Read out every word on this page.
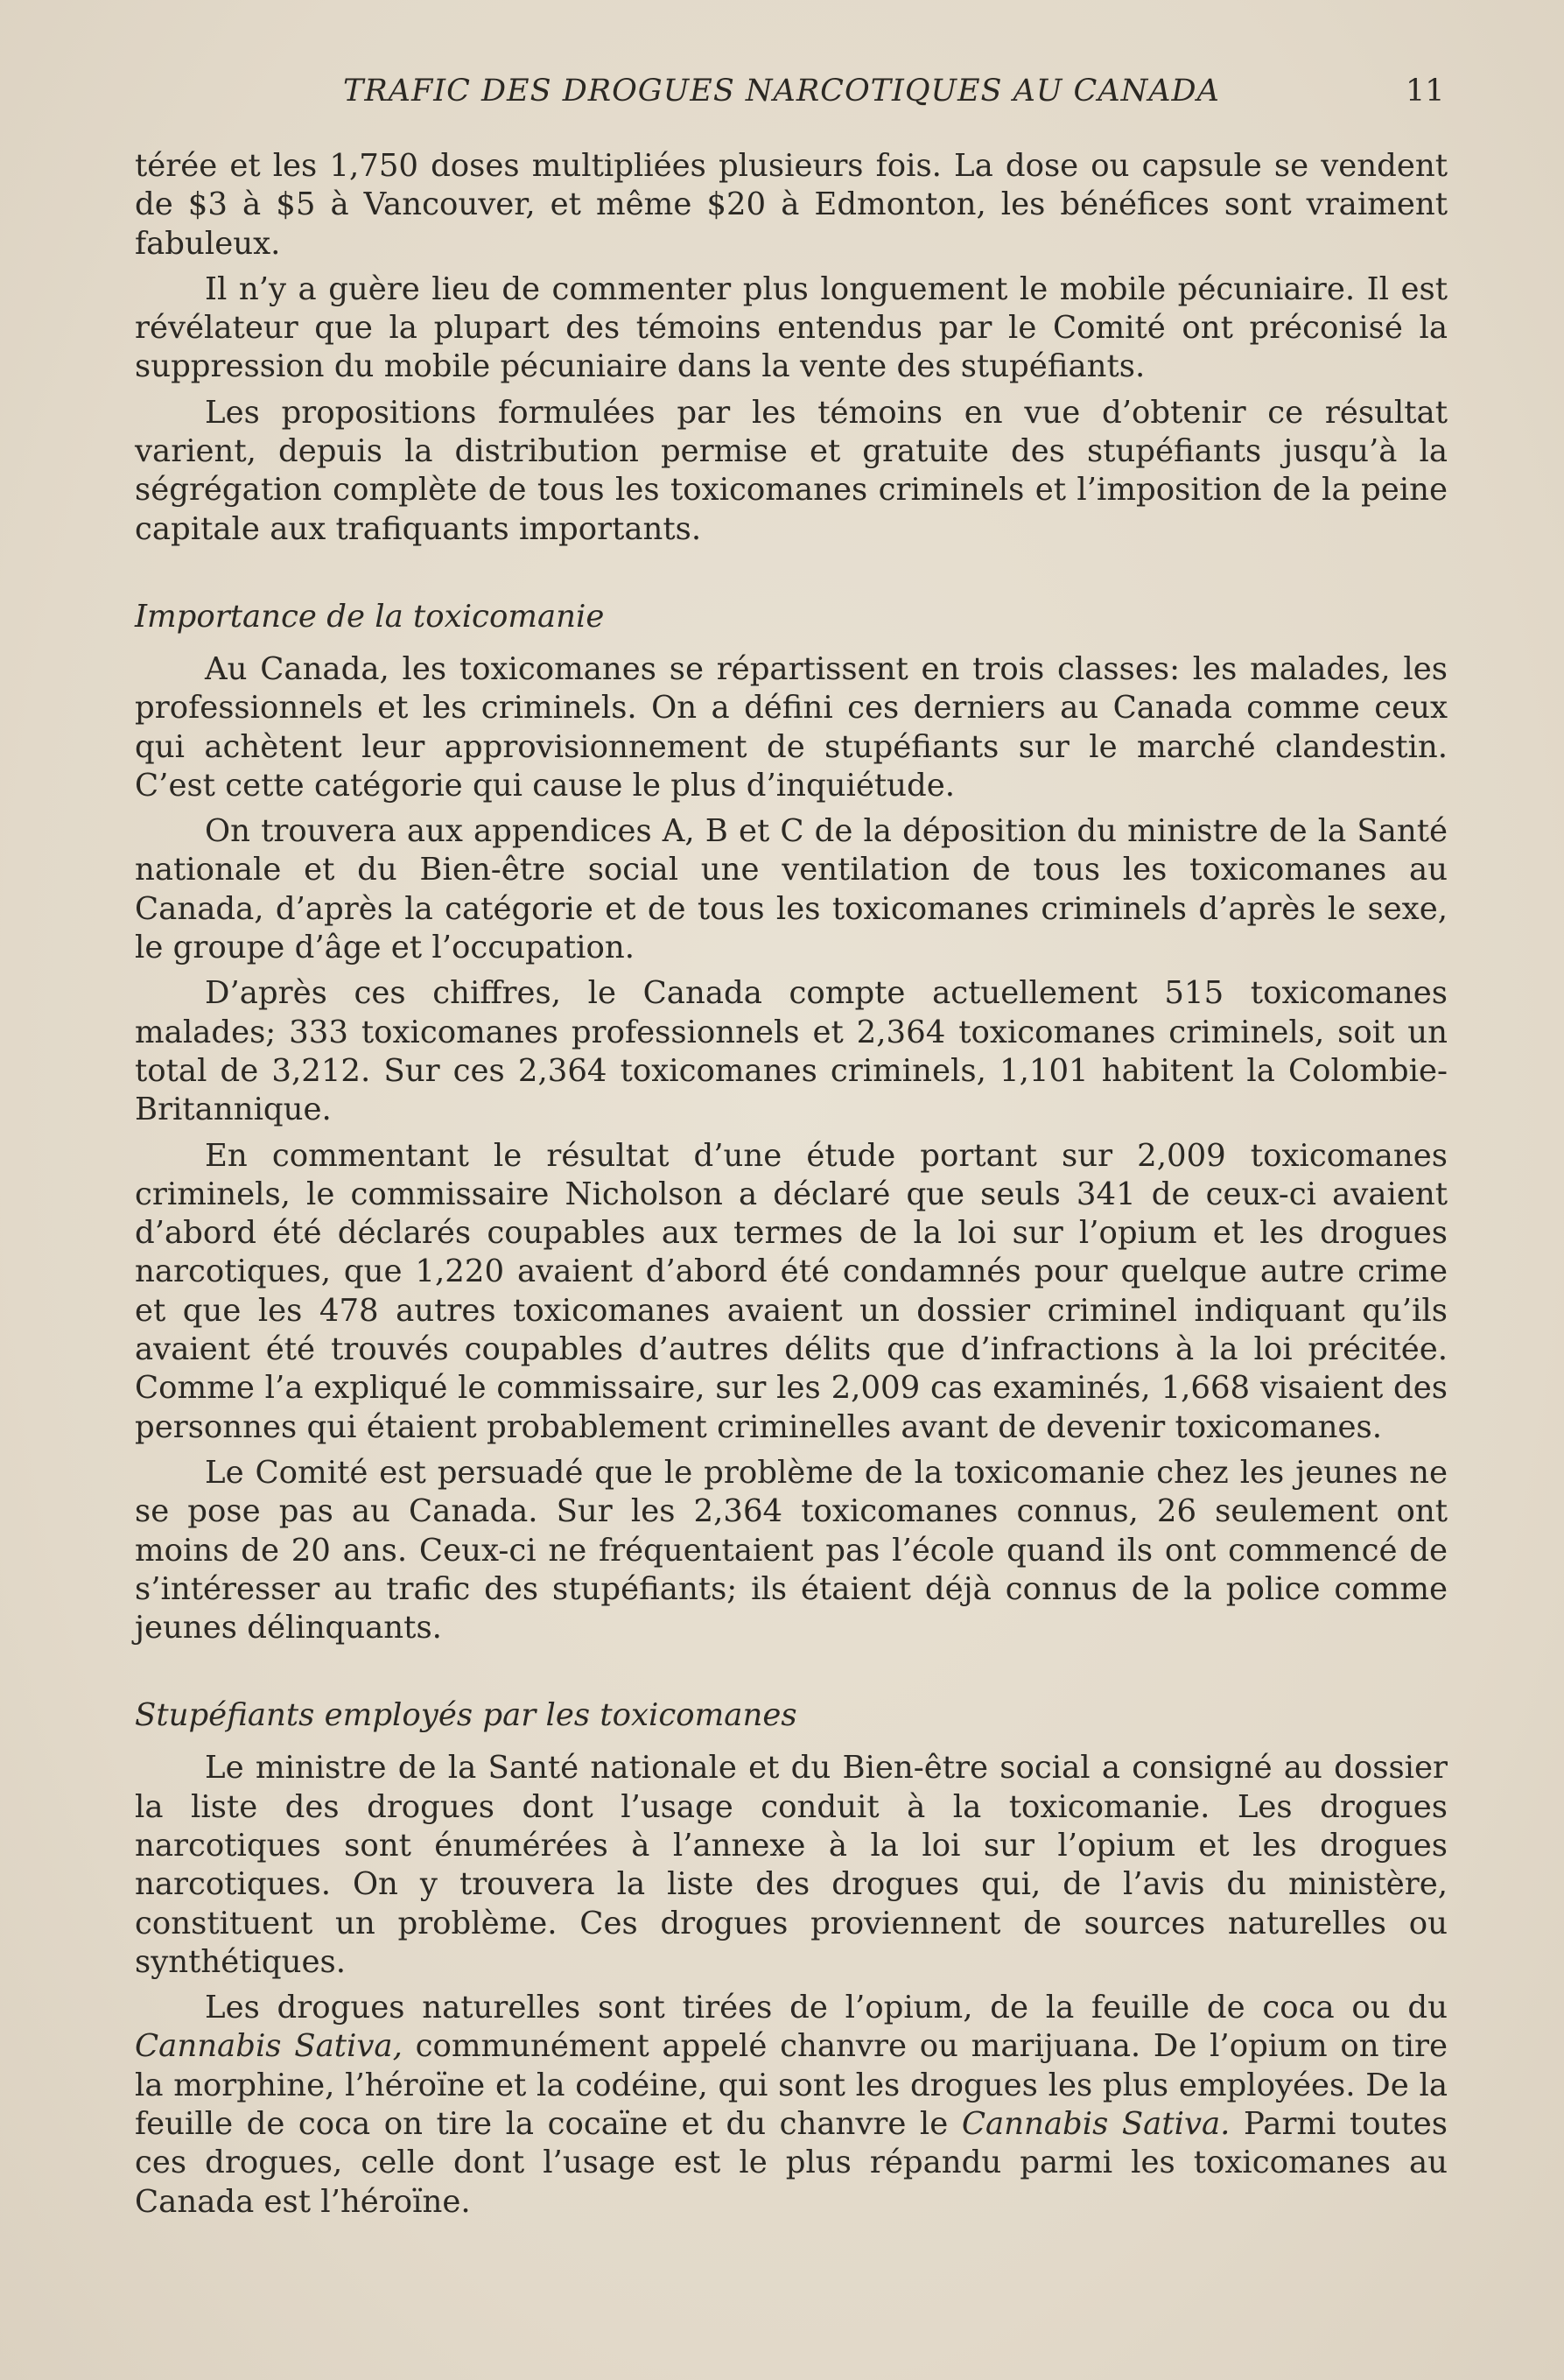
TRAFIC DES DROGUES NARCOTIQUES AU CANADA	11

térée et les 1,750 doses multipliées plusieurs fois. La dose ou capsule se vendent de $3 à $5 à Vancouver, et même $20 à Edmonton, les bénéfices sont vraiment fabuleux.

Il n’y a guère lieu de commenter plus longuement le mobile pécuniaire. Il est révélateur que la plupart des témoins entendus par le Comité ont préconisé la suppression du mobile pécuniaire dans la vente des stupéfiants.

Les propositions formulées par les témoins en vue d’obtenir ce résultat varient, depuis la distribution permise et gratuite des stupéfiants jusqu’à la ségrégation complète de tous les toxicomanes criminels et l’imposition de la peine capitale aux trafiquants importants.

Importance de la toxicomanie

Au Canada, les toxicomanes se répartissent en trois classes: les malades, les professionnels et les criminels. On a défini ces derniers au Canada comme ceux qui achètent leur approvisionnement de stupéfiants sur le marché clandestin. C’est cette catégorie qui cause le plus d’inquiétude.

On trouvera aux appendices A, B et C de la déposition du ministre de la Santé nationale et du Bien-être social une ventilation de tous les toxicomanes au Canada, d’après la catégorie et de tous les toxicomanes criminels d’après le sexe, le groupe d’âge et l’occupation.

D’après ces chiffres, le Canada compte actuellement 515 toxicomanes malades; 333 toxicomanes professionnels et 2,364 toxicomanes criminels, soit un total de 3,212. Sur ces 2,364 toxicomanes criminels, 1,101 habitent la Colombie-Britannique.

En commentant le résultat d’une étude portant sur 2,009 toxicomanes criminels, le commissaire Nicholson a déclaré que seuls 341 de ceux-ci avaient d’abord été déclarés coupables aux termes de la loi sur l’opium et les drogues narcotiques, que 1,220 avaient d’abord été condamnés pour quelque autre crime et que les 478 autres toxicomanes avaient un dossier criminel indiquant qu’ils avaient été trouvés coupables d’autres délits que d’infractions à la loi précitée. Comme l’a expliqué le commissaire, sur les 2,009 cas examinés, 1,668 visaient des personnes qui étaient probablement criminelles avant de devenir toxicomanes.

Le Comité est persuadé que le problème de la toxicomanie chez les jeunes ne se pose pas au Canada. Sur les 2,364 toxicomanes connus, 26 seulement ont moins de 20 ans. Ceux-ci ne fréquentaient pas l’école quand ils ont commencé de s’intéresser au trafic des stupéfiants; ils étaient déjà connus de la police comme jeunes délinquants.

Stupéfiants employés par les toxicomanes

Le ministre de la Santé nationale et du Bien-être social a consigné au dossier la liste des drogues dont l’usage conduit à la toxicomanie. Les drogues narcotiques sont énumérées à l’annexe à la loi sur l’opium et les drogues narcotiques. On y trouvera la liste des drogues qui, de l’avis du ministère, constituent un problème. Ces drogues proviennent de sources naturelles ou synthétiques.

Les drogues naturelles sont tirées de l’opium, de la feuille de coca ou du Cannabis Sativa, communément appelé chanvre ou marijuana. De l’opium on tire la morphine, l’héroïne et la codéine, qui sont les drogues les plus employées. De la feuille de coca on tire la cocaïne et du chanvre le Cannabis Sativa. Parmi toutes ces drogues, celle dont l’usage est le plus répandu parmi les toxicomanes au Canada est l’héroïne.
